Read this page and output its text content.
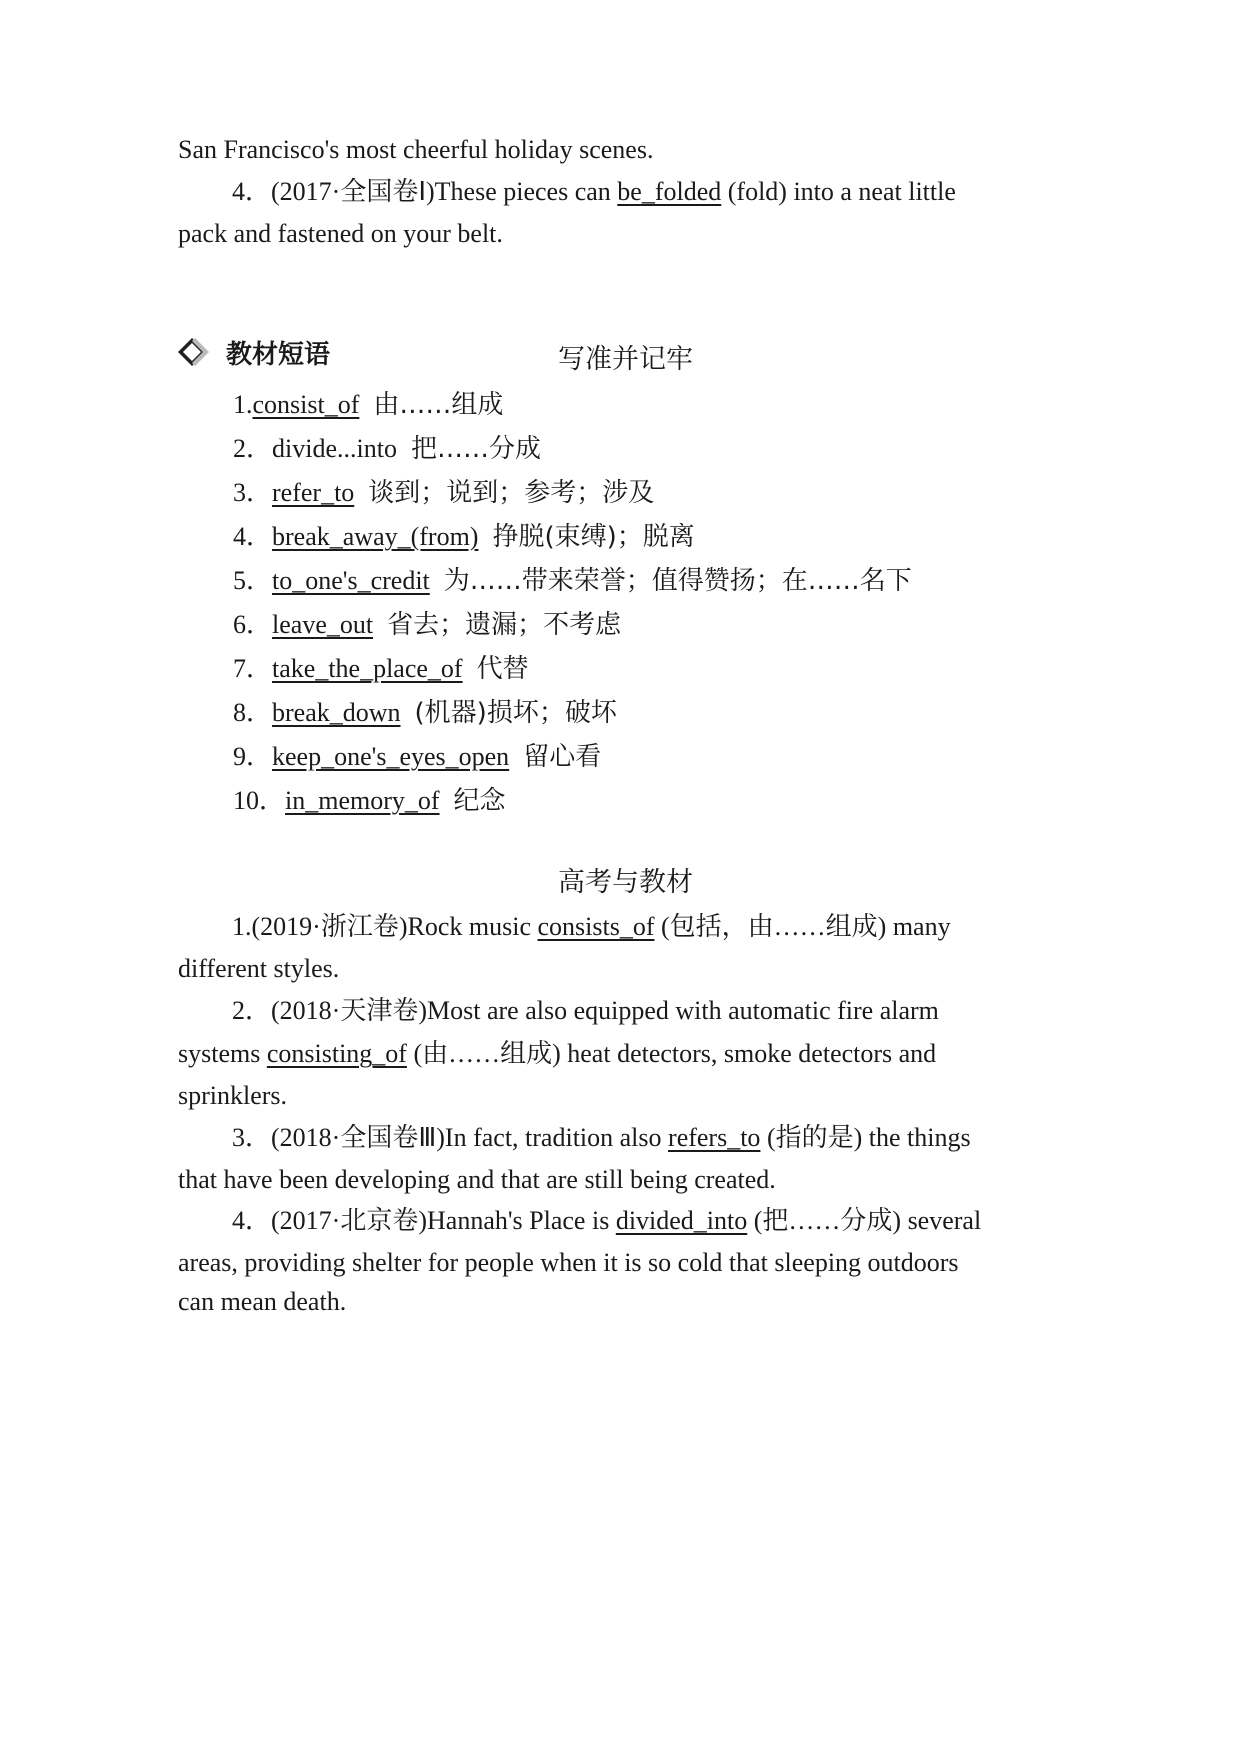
San Francisco's most cheerful holiday scenes.
4．(2017·全国卷Ⅰ)These pieces can be_folded (fold) into a neat little
pack and fastened on your belt.
教材短语	写准并记牢
1.consist_of 由……组成
2．divide...into 把……分成
3．refer_to 谈到；说到；参考；涉及
4．break_away_(from) 挣脱(束缚)；脱离
5．to_one's_credit 为……带来荣誉；值得赞扬；在……名下
6．leave_out 省去；遗漏；不考虑
7．take_the_place_of 代替
8．break_down (机器)损坏；破坏
9．keep_one's_eyes_open 留心看
10．in_memory_of 纪念
高考与教材
1.(2019·浙江卷)Rock music consists_of (包括，由……组成) many
different styles.
2．(2018·天津卷)Most are also equipped with automatic fire alarm
systems consisting_of (由……组成) heat detectors, smoke detectors and
sprinklers.
3．(2018·全国卷Ⅲ)In fact, tradition also refers_to (指的是) the things
that have been developing and that are still being created.
4．(2017·北京卷)Hannah's Place is divided_into (把……分成) several
areas, providing shelter for people when it is so cold that sleeping outdoors
can mean death.
